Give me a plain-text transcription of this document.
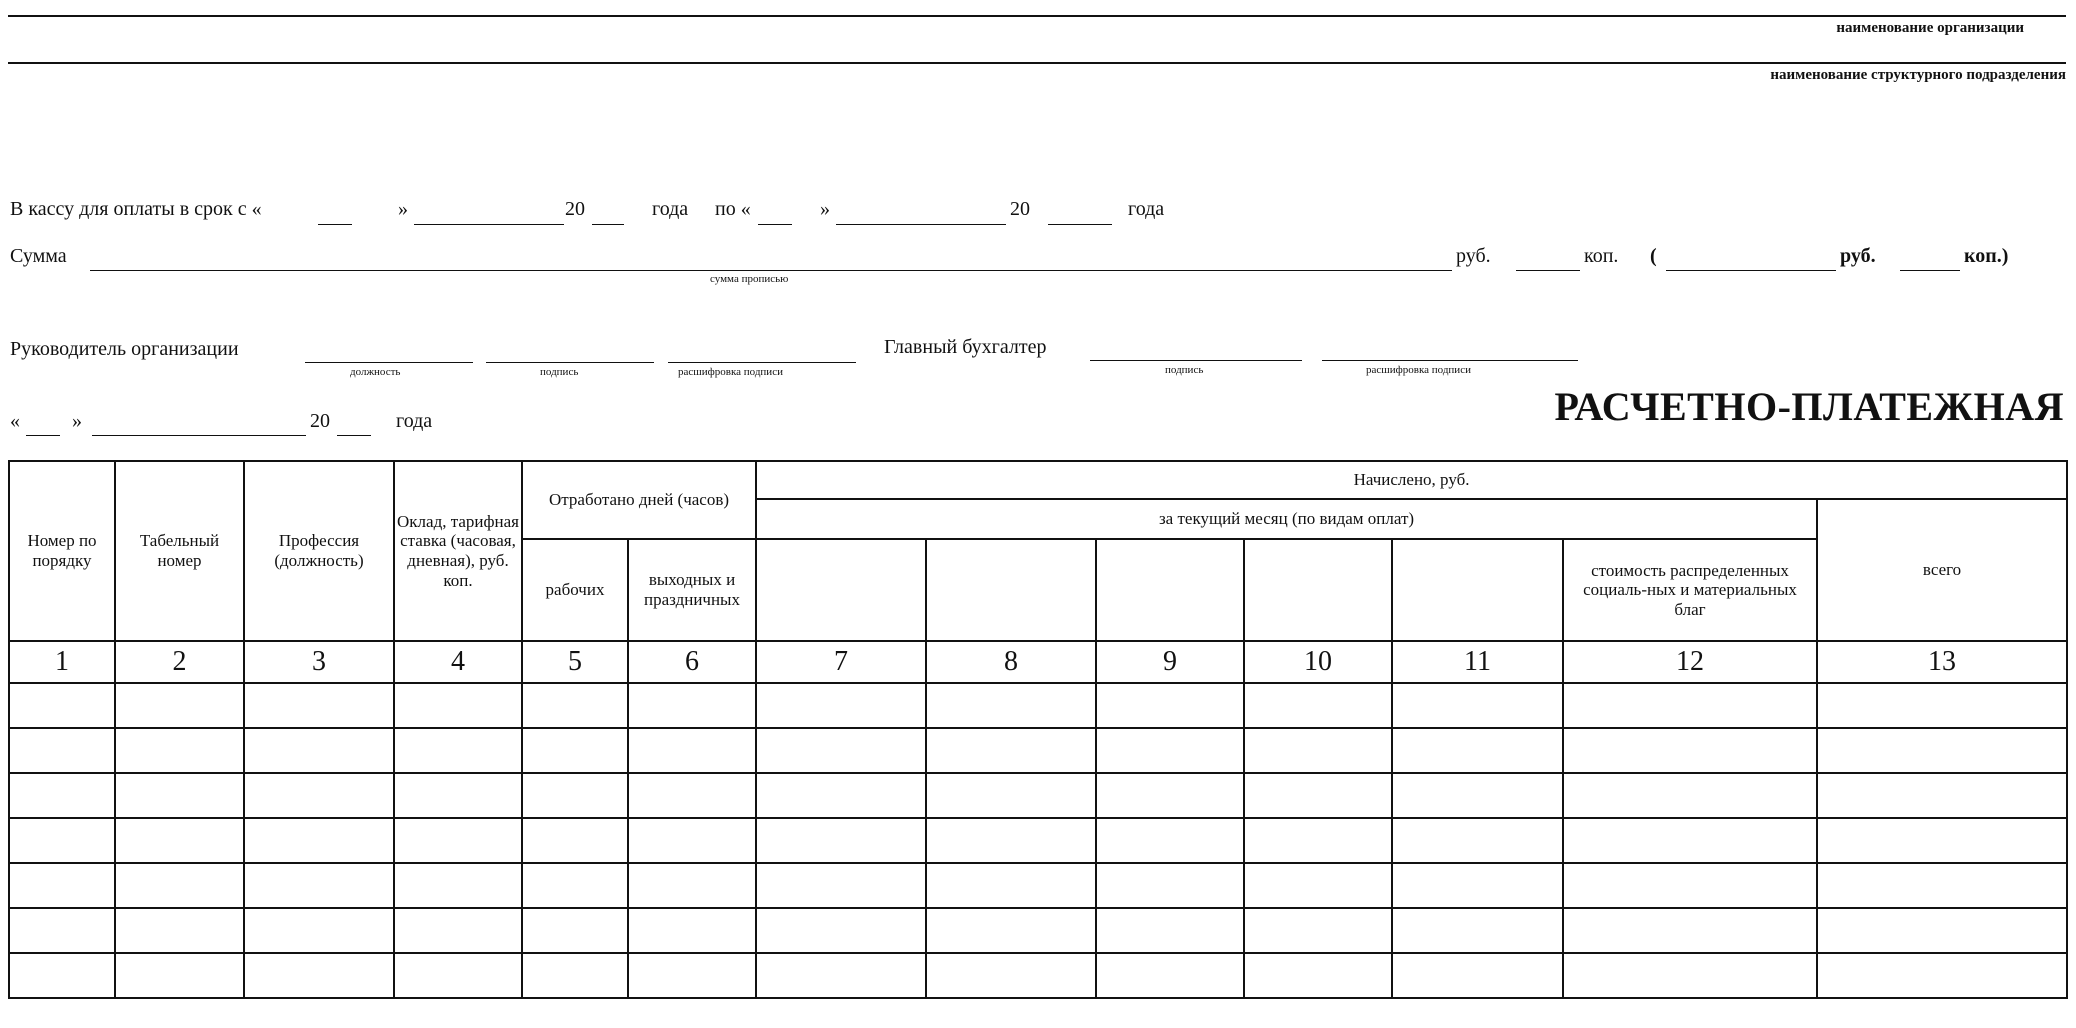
наименование организации
наименование структурного подразделения
В кассу для оплаты в срок с «	»	20	года по «	»	20	года
Сумма
сумма прописью
руб.	коп. (	руб.	коп.)
Руководитель организации
должность	подпись	расшифровка подписи
Главный бухгалтер
подпись	расшифровка подписи
«	»	20	года	РАСЧЕТНО-ПЛАТЕЖНАЯ
Номер по порядку	Табельный номер	Профессия (должность)	Оклад, тарифная ставка (часовая, дневная), руб. коп.	Отработано дней (часов)		Начислено, руб.						
						за текущий месяц (по видам оплат)						всего
				рабочих	выходных и праздничных						стоимость распределенных социаль-ных и материальных благ	
1	2	3	4	5	6	7	8	9	10	11	12	13
